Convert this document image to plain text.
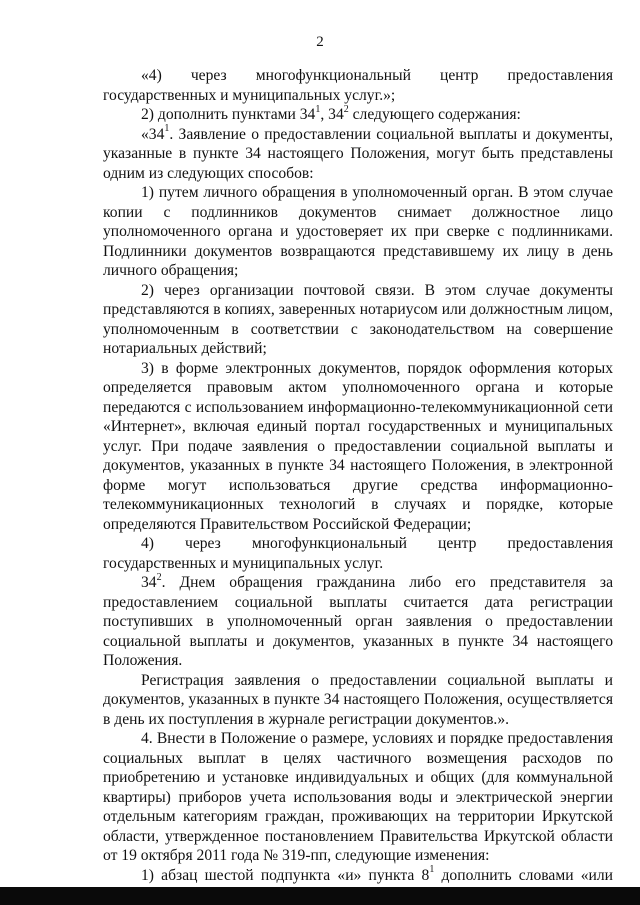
2

«4) через многофункциональный центр предоставления государственных и муниципальных услуг.»;

2) дополнить пунктами $34^1$, $34^2$ следующего содержания:

«$34^1$. Заявление о предоставлении социальной выплаты и документы, указанные в пункте 34 настоящего Положения, могут быть представлены одним из следующих способов:

1) путем личного обращения в уполномоченный орган. В этом случае копии с подлинников документов снимает должностное лицо уполномоченного органа и удостоверяет их при сверке с подлинниками. Подлинники документов возвращаются представившему их лицу в день личного обращения;

2) через организации почтовой связи. В этом случае документы представляются в копиях, заверенных нотариусом или должностным лицом, уполномоченным в соответствии с законодательством на совершение нотариальных действий;

3) в форме электронных документов, порядок оформления которых определяется правовым актом уполномоченного органа и которые передаются с использованием информационно-телекоммуникационной сети «Интернет», включая единый портал государственных и муниципальных услуг. При подаче заявления о предоставлении социальной выплаты и документов, указанных в пункте 34 настоящего Положения, в электронной форме могут использоваться другие средства информационно-телекоммуникационных технологий в случаях и порядке, которые определяются Правительством Российской Федерации;

4) через многофункциональный центр предоставления государственных и муниципальных услуг.

$34^2$. Днем обращения гражданина либо его представителя за предоставлением социальной выплаты считается дата регистрации поступивших в уполномоченный орган заявления о предоставлении социальной выплаты и документов, указанных в пункте 34 настоящего Положения.

Регистрация заявления о предоставлении социальной выплаты и документов, указанных в пункте 34 настоящего Положения, осуществляется в день их поступления в журнале регистрации документов.».

4. Внести в Положение о размере, условиях и порядке предоставления социальных выплат в целях частичного возмещения расходов по приобретению и установке индивидуальных и общих (для коммунальной квартиры) приборов учета использования воды и электрической энергии отдельным категориям граждан, проживающих на территории Иркутской области, утвержденное постановлением Правительства Иркутской области от 19 октября 2011 года № 319-пп, следующие изменения:

1) абзац шестой подпункта «и» пункта $8^1$ дополнить словами «или
